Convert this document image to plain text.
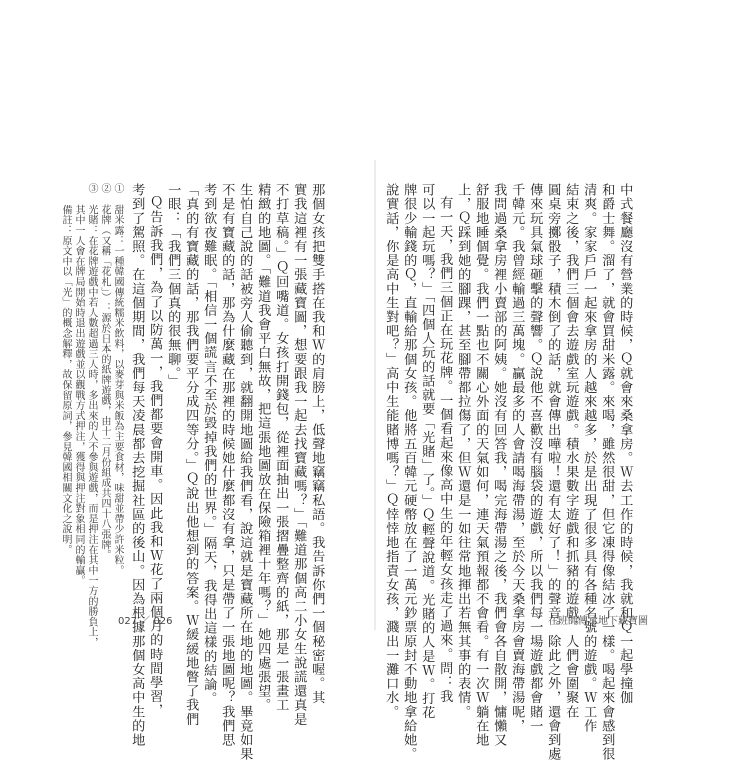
中式餐廳沒有營業的時候，Ｑ就會來桑拿房。Ｗ去工作的時候，我就和Ｑ一起學撞伽
和爵士舞。溜了，就會買甜米露。來喝，雖然很甜，但它凍得像結冰了一樣。喝起來會感到很
清爽。家家戶戶一起來拿房的人越來越多，於是出現了很多具有各種名號的遊戲。Ｗ工作
結束之後，我們三個會去遊戲室玩遊戲。積水果數字遊戲和抓豬的遊戲。人們會圍聚在
圓桌旁擲骰子，積木倒了的話，就會傳出嘩啦！還有太好了！」的聲音。除此之外，還會到處
傳來玩具氣球砸擊的聲響。Ｑ說他不喜歡沒有腦袋的遊戲，所以我們每一場遊戲都會賭一
千韓元。我曾經輸過三萬塊。贏最多的人會請喝海帶湯，至於今天桑拿房會賣海帶湯呢，
我問過桑拿房裡小賣部的阿姨。她沒有回答我，喝完海帶湯之後，我們會各自散開，慵懶又
舒服地睡個覺。我們一點也不關心外面的天氣如何，連天氣預報都不會看。有一次Ｗ躺在地
上，Ｑ踩到她的腳踝，甚至腳帶都拉傷了，但Ｗ還是一如往常地揮出若無其事的表情。
有一天，我們三個正在玩花牌。一個看起來像高中生的年輕女孩走了過來。問：我
可以一起玩嗎？」「四個人玩的話就要「光賭」了。」Ｑ輕聲說道。光賭的人是Ｗ。打花
牌很少輸錢的Ｑ，直輸給那個女孩。他將五百韓元硬幣放在了一萬元鈔票原封不動地拿給她。
說實話，你是高中生對吧？」高中生能賭博嗎？」Ｑ悻悻地指責女孩，濺出一灘口水。
那個女孩把雙手搭在我和Ｗ的肩膀上，低聲地竊竊私語。我告訴你們一個秘密喔。其
實我這裡有一張藏寶圖，想要跟我一起去找寶藏嗎？」「難道那個高二小女生說謊還真是
不打草稿。」Ｑ回嘴道。女孩打開錢包，從裡面抽出一張摺疊整齊的紙，那是一張畫工
精緻的地圖。「難道我會平白無故，把這張地圖放在保險箱裡十年嗎？」她四處張望。
生怕自己說的話被旁人偷聽到，就翻開地圖給我們看，說這就是寶藏所在地的地圖。畢竟如果
不是有寶藏的話，那為什麼藏在那裡的時候她什麼都沒有拿，只是帶了一張地圖呢？我們思
考到欲夜難眠。「相信一個謊言不至於毀掉我們的世界。」隔天，我得出這樣的結論。
「真的有寶藏的話，那我們要平分成四等分。」Ｑ說出他想到的答案。Ｗ緩緩地瞥了我們
一眼：「我們三個真的很無聊。」
Ｑ告訴我們，為了以防萬一，我們都要會開車。因此我和Ｗ花了兩個月的時間學習，
考到了駕照。在這個期間，我們每天凌晨都去挖掘社區的後山。因為根據那個女高中生的地
① 甜米露：一種韓國傳統糯米飲料，以麥芽與米飯為主要食材，味甜並帶少許米粒。
② 花牌（又稱「花札」）：源於日本的紙牌遊戲，由十二月份組成共四十八張牌。
③ 光賭：在花牌遊戲中若人數超過三人時，多出來的人不參與遊戲，而是押注在其中一方的勝負上，
　 其中一人會在牌局開始時退出遊戲並以觀戰方式押注，獲得與押注對象相同的輸贏。
　 備註：原文中以「光」的概念解釋，故保留原詞，參見韓國相關文化之說明。
027 ／ 026	在班師傳承地下藏寶圖
